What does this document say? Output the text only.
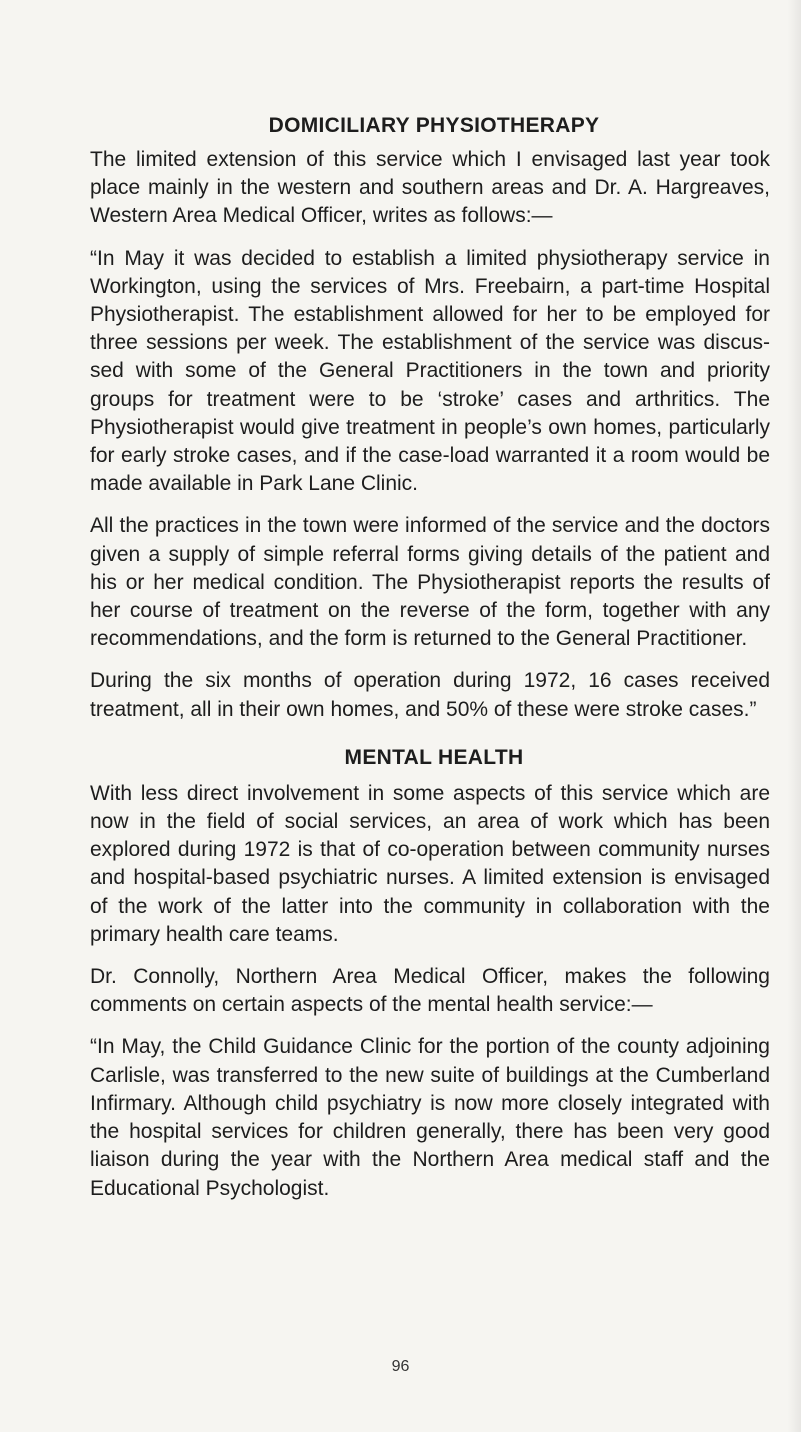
DOMICILIARY PHYSIOTHERAPY

The limited extension of this service which I envisaged last year took place mainly in the western and southern areas and Dr. A. Hargreaves, Western Area Medical Officer, writes as follows:—

“In May it was decided to establish a limited physiotherapy service in Workington, using the services of Mrs. Freebairn, a part-time Hospital Physiotherapist. The establishment allowed for her to be employed for three sessions per week. The establishment of the service was discussed with some of the General Practitioners in the town and priority groups for treatment were to be ‘stroke’ cases and arthritics. The Physiotherapist would give treatment in people’s own homes, particularly for early stroke cases, and if the case-load warranted it a room would be made available in Park Lane Clinic.

All the practices in the town were informed of the service and the doctors given a supply of simple referral forms giving details of the patient and his or her medical condition. The Physiotherapist reports the results of her course of treatment on the reverse of the form, together with any recommendations, and the form is returned to the General Practitioner.

During the six months of operation during 1972, 16 cases received treatment, all in their own homes, and 50% of these were stroke cases.”

MENTAL HEALTH

With less direct involvement in some aspects of this service which are now in the field of social services, an area of work which has been explored during 1972 is that of co-operation between community nurses and hospital-based psychiatric nurses. A limited extension is envisaged of the work of the latter into the community in collaboration with the primary health care teams.

Dr. Connolly, Northern Area Medical Officer, makes the following comments on certain aspects of the mental health service:—

“In May, the Child Guidance Clinic for the portion of the county adjoining Carlisle, was transferred to the new suite of buildings at the Cumberland Infirmary. Although child psychiatry is now more closely integrated with the hospital services for children generally, there has been very good liaison during the year with the Northern Area medical staff and the Educational Psychologist.

96
